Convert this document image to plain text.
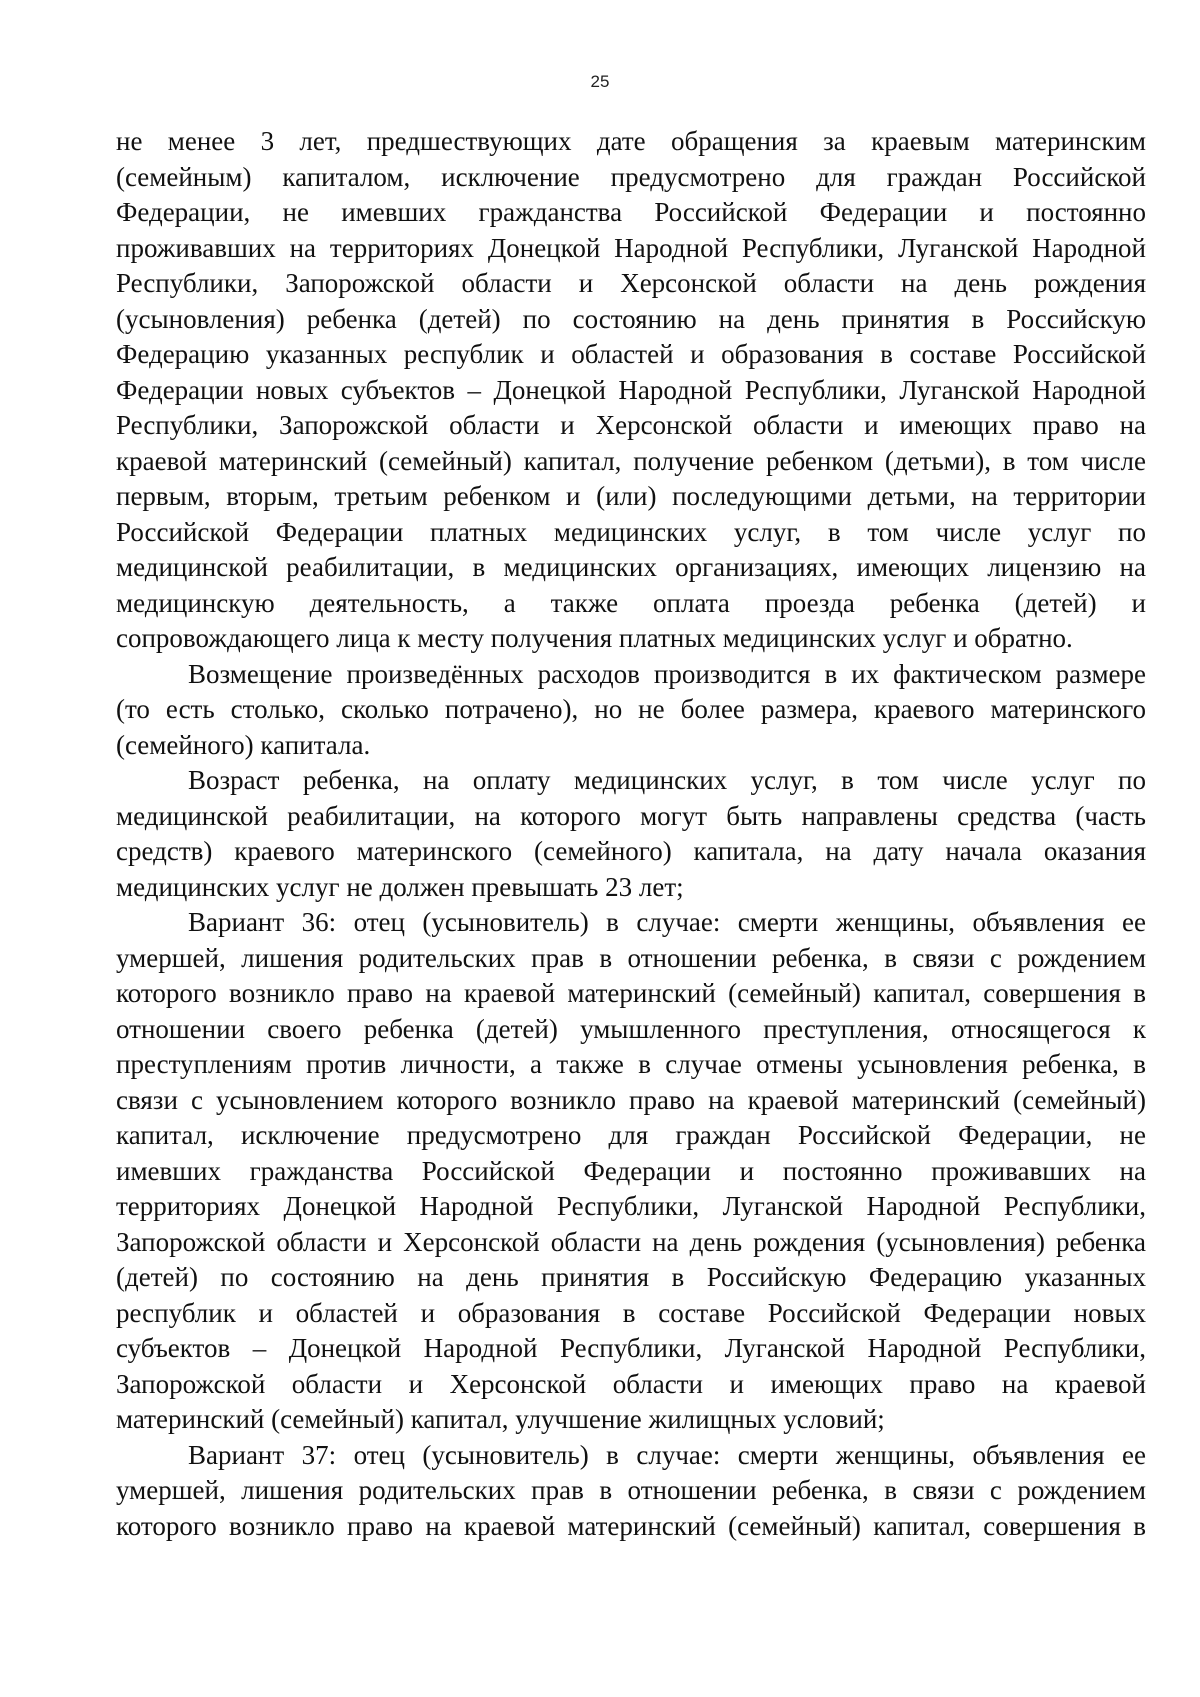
25

не менее 3 лет, предшествующих дате обращения за краевым материнским

(семейным) капиталом, исключение предусмотрено для граждан Российской

Федерации, не имевших гражданства Российской Федерации и постоянно

проживавших на территориях Донецкой Народной Республики, Луганской Народной

Республики, Запорожской области и Херсонской области на день рождения

(усыновления) ребенка (детей) по состоянию на день принятия в Российскую

Федерацию указанных республик и областей и образования в составе Российской

Федерации новых субъектов – Донецкой Народной Республики, Луганской Народной

Республики, Запорожской области и Херсонской области и имеющих право на

краевой материнский (семейный) капитал, получение ребенком (детьми), в том числе

первым, вторым, третьим ребенком и (или) последующими детьми, на территории

Российской Федерации платных медицинских услуг, в том числе услуг по

медицинской реабилитации, в медицинских организациях, имеющих лицензию на

медицинскую деятельность, а также оплата проезда ребенка (детей) и

сопровождающего лица к месту получения платных медицинских услуг и обратно.

Возмещение произведённых расходов производится в их фактическом размере

(то есть столько, сколько потрачено), но не более размера, краевого материнского

(семейного) капитала.

Возраст ребенка, на оплату медицинских услуг, в том числе услуг по

медицинской реабилитации, на которого могут быть направлены средства (часть

средств) краевого материнского (семейного) капитала, на дату начала оказания

медицинских услуг не должен превышать 23 лет;

Вариант 36: отец (усыновитель) в случае: смерти женщины, объявления ее

умершей, лишения родительских прав в отношении ребенка, в связи с рождением

которого возникло право на краевой материнский (семейный) капитал, совершения в

отношении своего ребенка (детей) умышленного преступления, относящегося к

преступлениям против личности, а также в случае отмены усыновления ребенка, в

связи с усыновлением которого возникло право на краевой материнский (семейный)

капитал, исключение предусмотрено для граждан Российской Федерации, не

имевших гражданства Российской Федерации и постоянно проживавших на

территориях Донецкой Народной Республики, Луганской Народной Республики,

Запорожской области и Херсонской области на день рождения (усыновления) ребенка

(детей) по состоянию на день принятия в Российскую Федерацию указанных

республик и областей и образования в составе Российской Федерации новых

субъектов – Донецкой Народной Республики, Луганской Народной Республики,

Запорожской области и Херсонской области и имеющих право на краевой

материнский (семейный) капитал, улучшение жилищных условий;

Вариант 37: отец (усыновитель) в случае: смерти женщины, объявления ее

умершей, лишения родительских прав в отношении ребенка, в связи с рождением

которого возникло право на краевой материнский (семейный) капитал, совершения в
